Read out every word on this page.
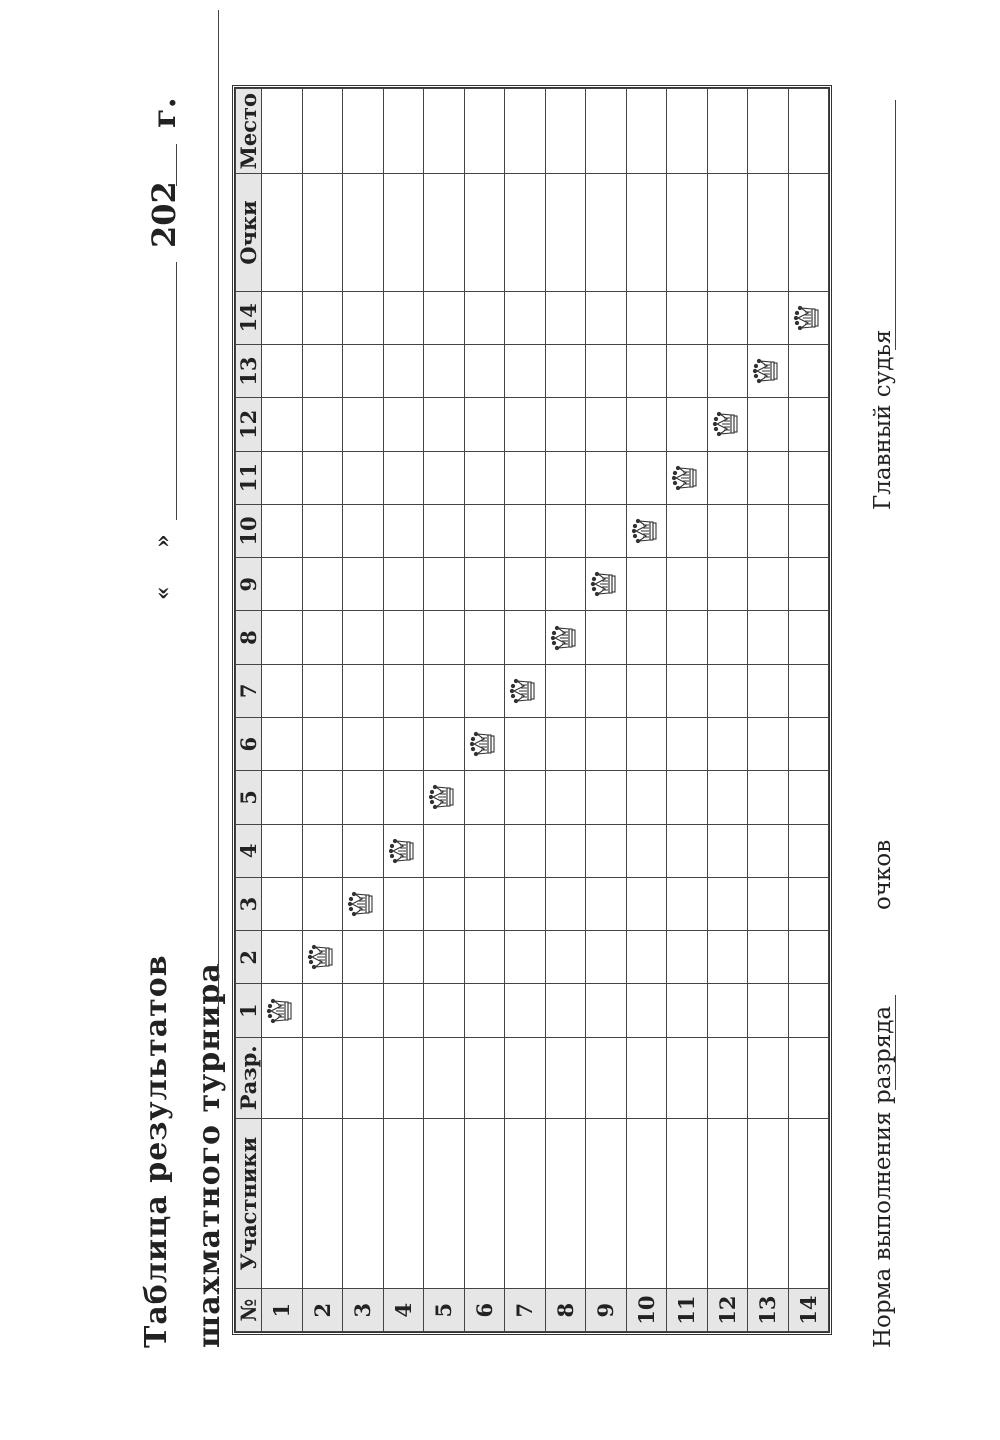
Таблица результатов шахматного турнира
«
»
202
г.
№	Участники	Разр.	1	2	3	4	5	6	7	8	9	10	11	12	13	14	Очки	Место
1																		
2																		
3																		
4																		
5																		
6																		
7																		
8																		
9																		
10																		
11																		
12																		
13																		
14																		Норма выполнения разряда
очков
Главный судья
